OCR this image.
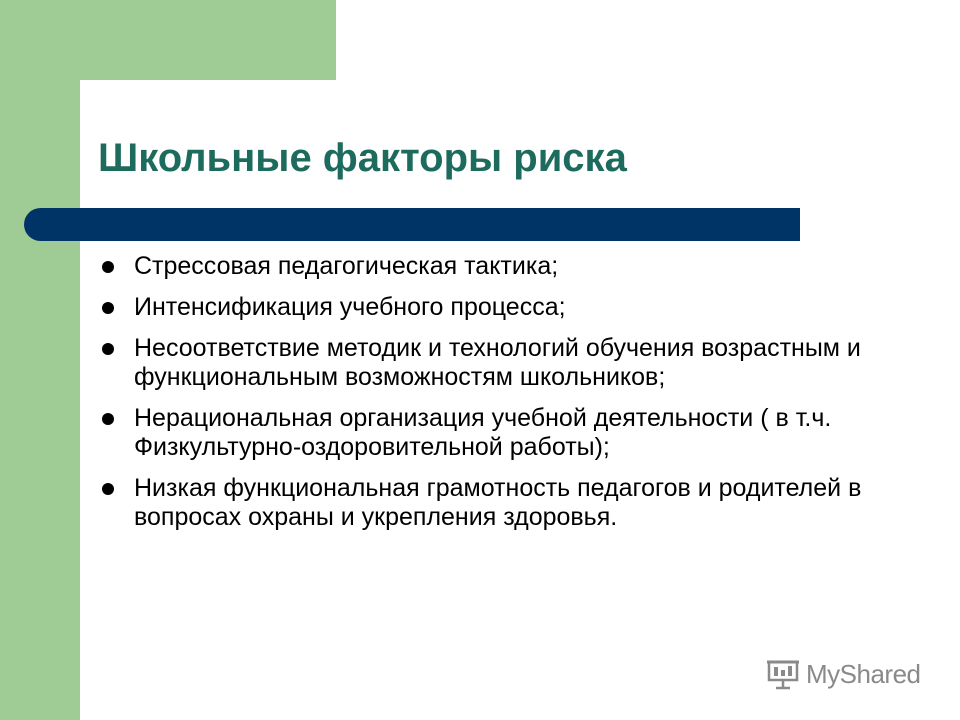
Школьные факторы риска
Стрессовая педагогическая тактика;
Интенсификация учебного процесса;
Несоответствие методик и технологий обучения возрастным и функциональным возможностям школьников;
Нерациональная организация учебной деятельности ( в т.ч. Физкультурно-оздоровительной работы);
Низкая функциональная грамотность педагогов и родителей в вопросах охраны и укрепления здоровья.
MyShared
